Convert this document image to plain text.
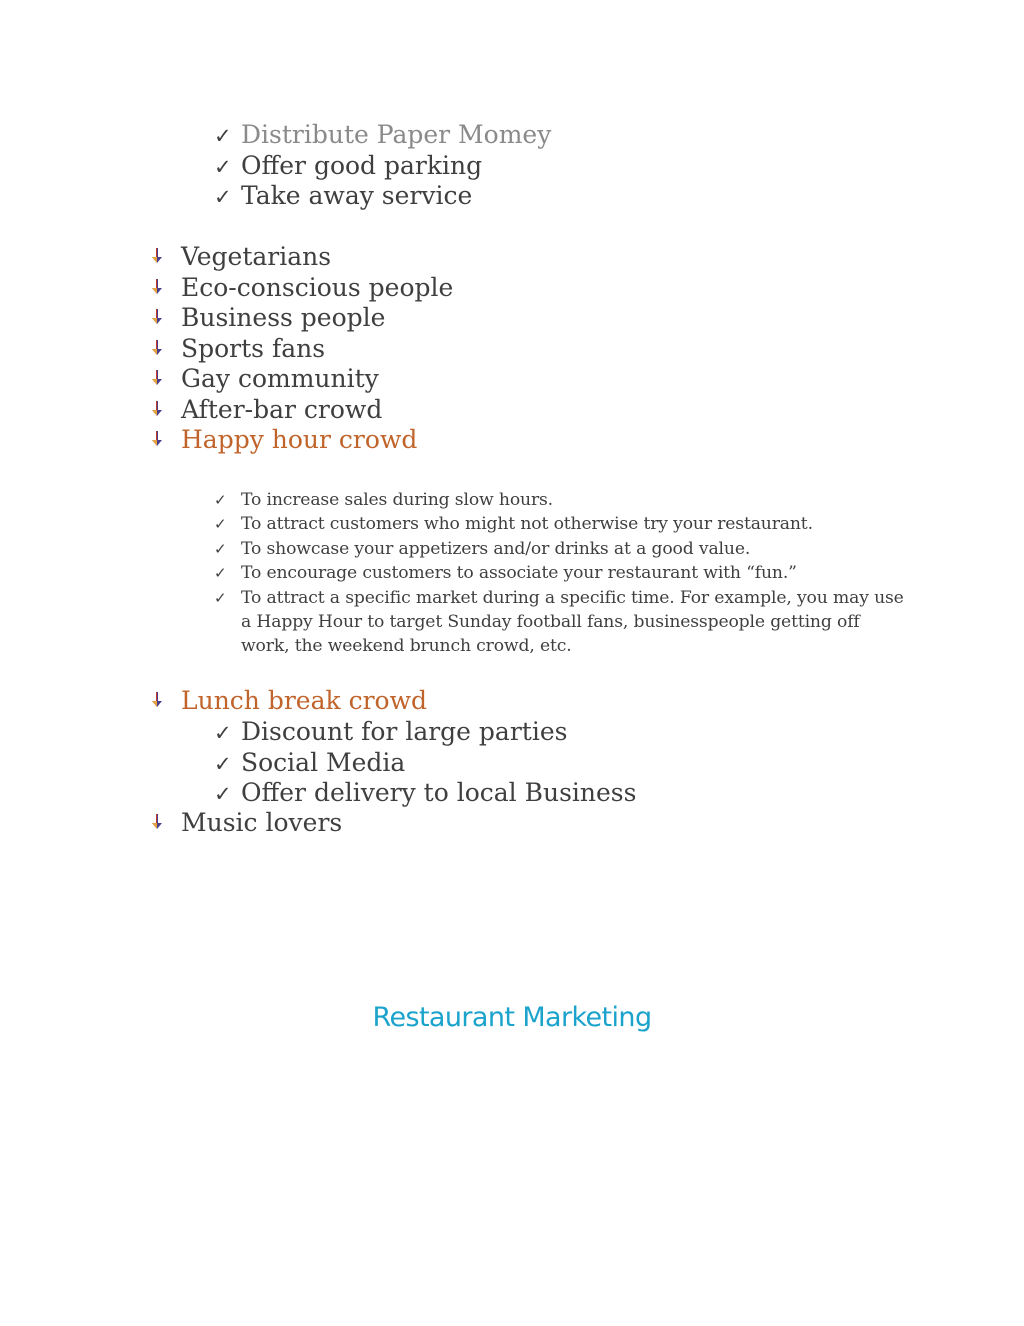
✓ Distribute Paper Momey
✓ Offer good parking
✓ Take away service
Vegetarians
Eco-conscious people
Business people
Sports fans
Gay community
After-bar crowd
Happy hour crowd
✓ To increase sales during slow hours.
✓ To attract customers who might not otherwise try your restaurant.
✓ To showcase your appetizers and/or drinks at a good value.
✓ To encourage customers to associate your restaurant with “fun.”
✓ To attract a specific market during a specific time. For example, you may use a Happy Hour to target Sunday football fans, businesspeople getting off work, the weekend brunch crowd, etc.
Lunch break crowd
✓ Discount for large parties
✓ Social Media
✓ Offer delivery to local Business
Music lovers
Restaurant Marketing
